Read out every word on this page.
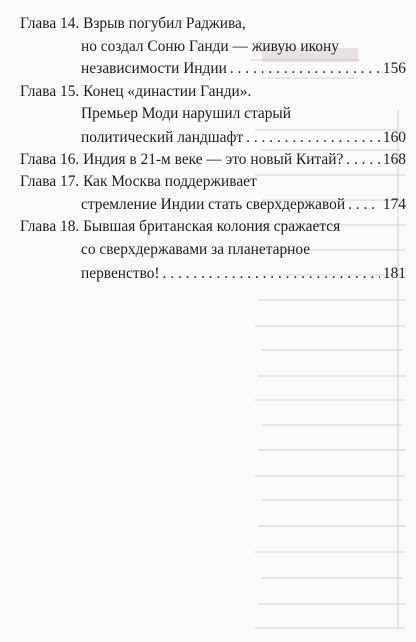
Глава 14. Взрыв погубил Раджива,
но создал Соню Ганди — живую икону
независимости Индии . . .	156
Глава 15. Конец «династии Ганди».
Премьер Моди нарушил старый
политический ландшафт . . .	160
Глава 16. Индия в 21-м веке — это новый Китай? . . .	168
Глава 17. Как Москва поддерживает
стремление Индии стать сверхдержавой . . . 174
Глава 18. Бывшая британская колония сражается
со сверхдержавами за планетарное
первенство! . . .	181
